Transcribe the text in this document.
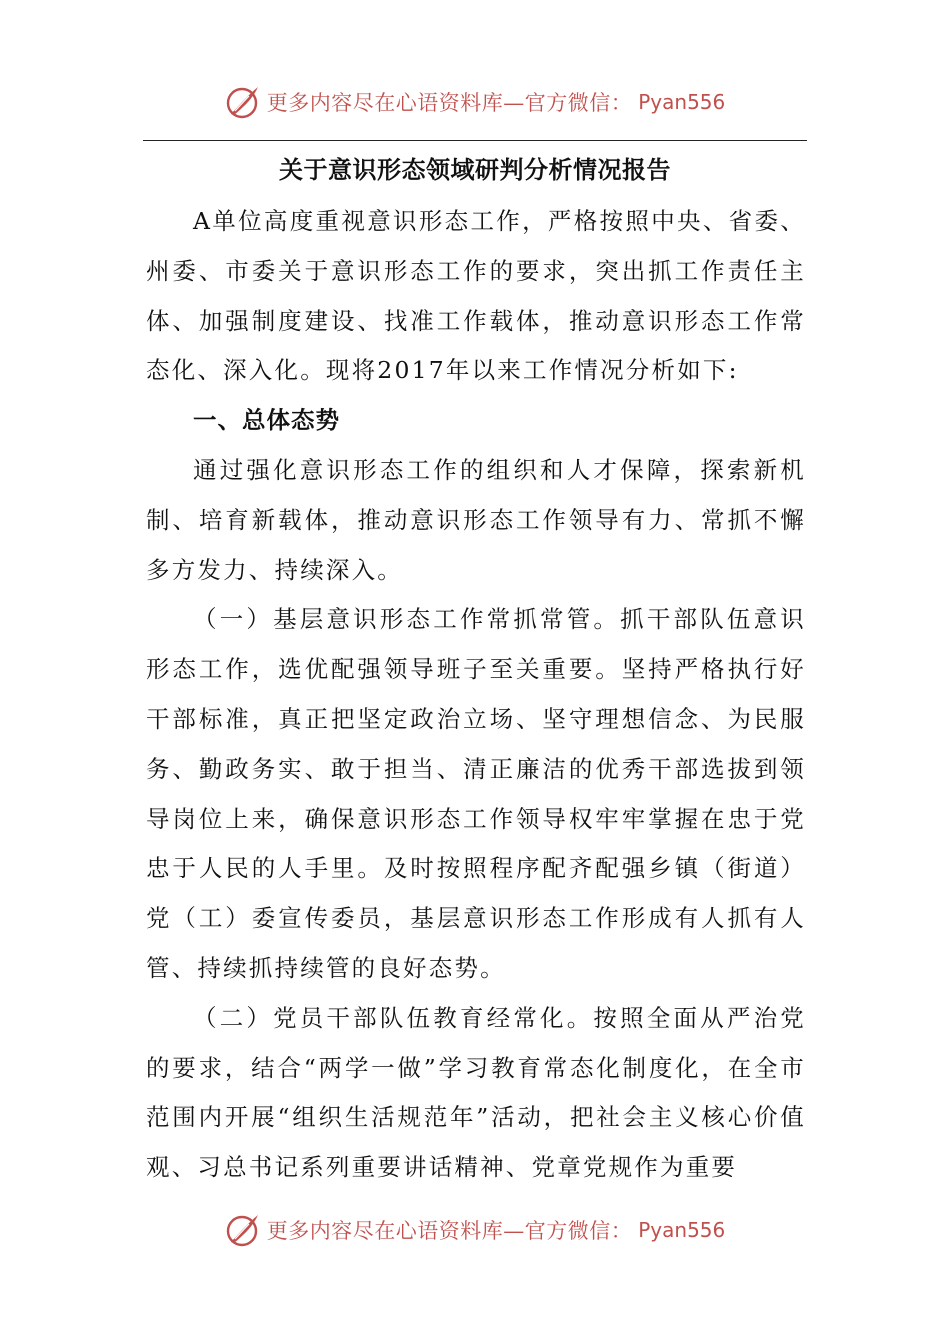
更多内容尽在心语资料库—官方微信： Pyan556
关于意识形态领域研判分析情况报告

A单位高度重视意识形态工作，严格按照中央、省委、州委、市委关于意识形态工作的要求，突出抓工作责任主体、加强制度建设、找准工作载体，推动意识形态工作常态化、深入化。现将2017年以来工作情况分析如下:

一、总体态势

通过强化意识形态工作的组织和人才保障，探索新机制、培育新载体，推动意识形态工作领导有力、常抓不懈多方发力、持续深入。

（一）基层意识形态工作常抓常管。抓干部队伍意识形态工作，选优配强领导班子至关重要。坚持严格执行好干部标准，真正把坚定政治立场、坚守理想信念、为民服务、勤政务实、敢于担当、清正廉洁的优秀干部选拔到领导岗位上来，确保意识形态工作领导权牢牢掌握在忠于党忠于人民的人手里。及时按照程序配齐配强乡镇（街道）党（工）委宣传委员，基层意识形态工作形成有人抓有人管、持续抓持续管的良好态势。

（二）党员干部队伍教育经常化。按照全面从严治党的要求，结合“两学一做”学习教育常态化制度化，在全市范围内开展“组织生活规范年”活动，把社会主义核心价值观、习总书记系列重要讲话精神、党章党规作为重要

更多内容尽在心语资料库—官方微信： Pyan556
